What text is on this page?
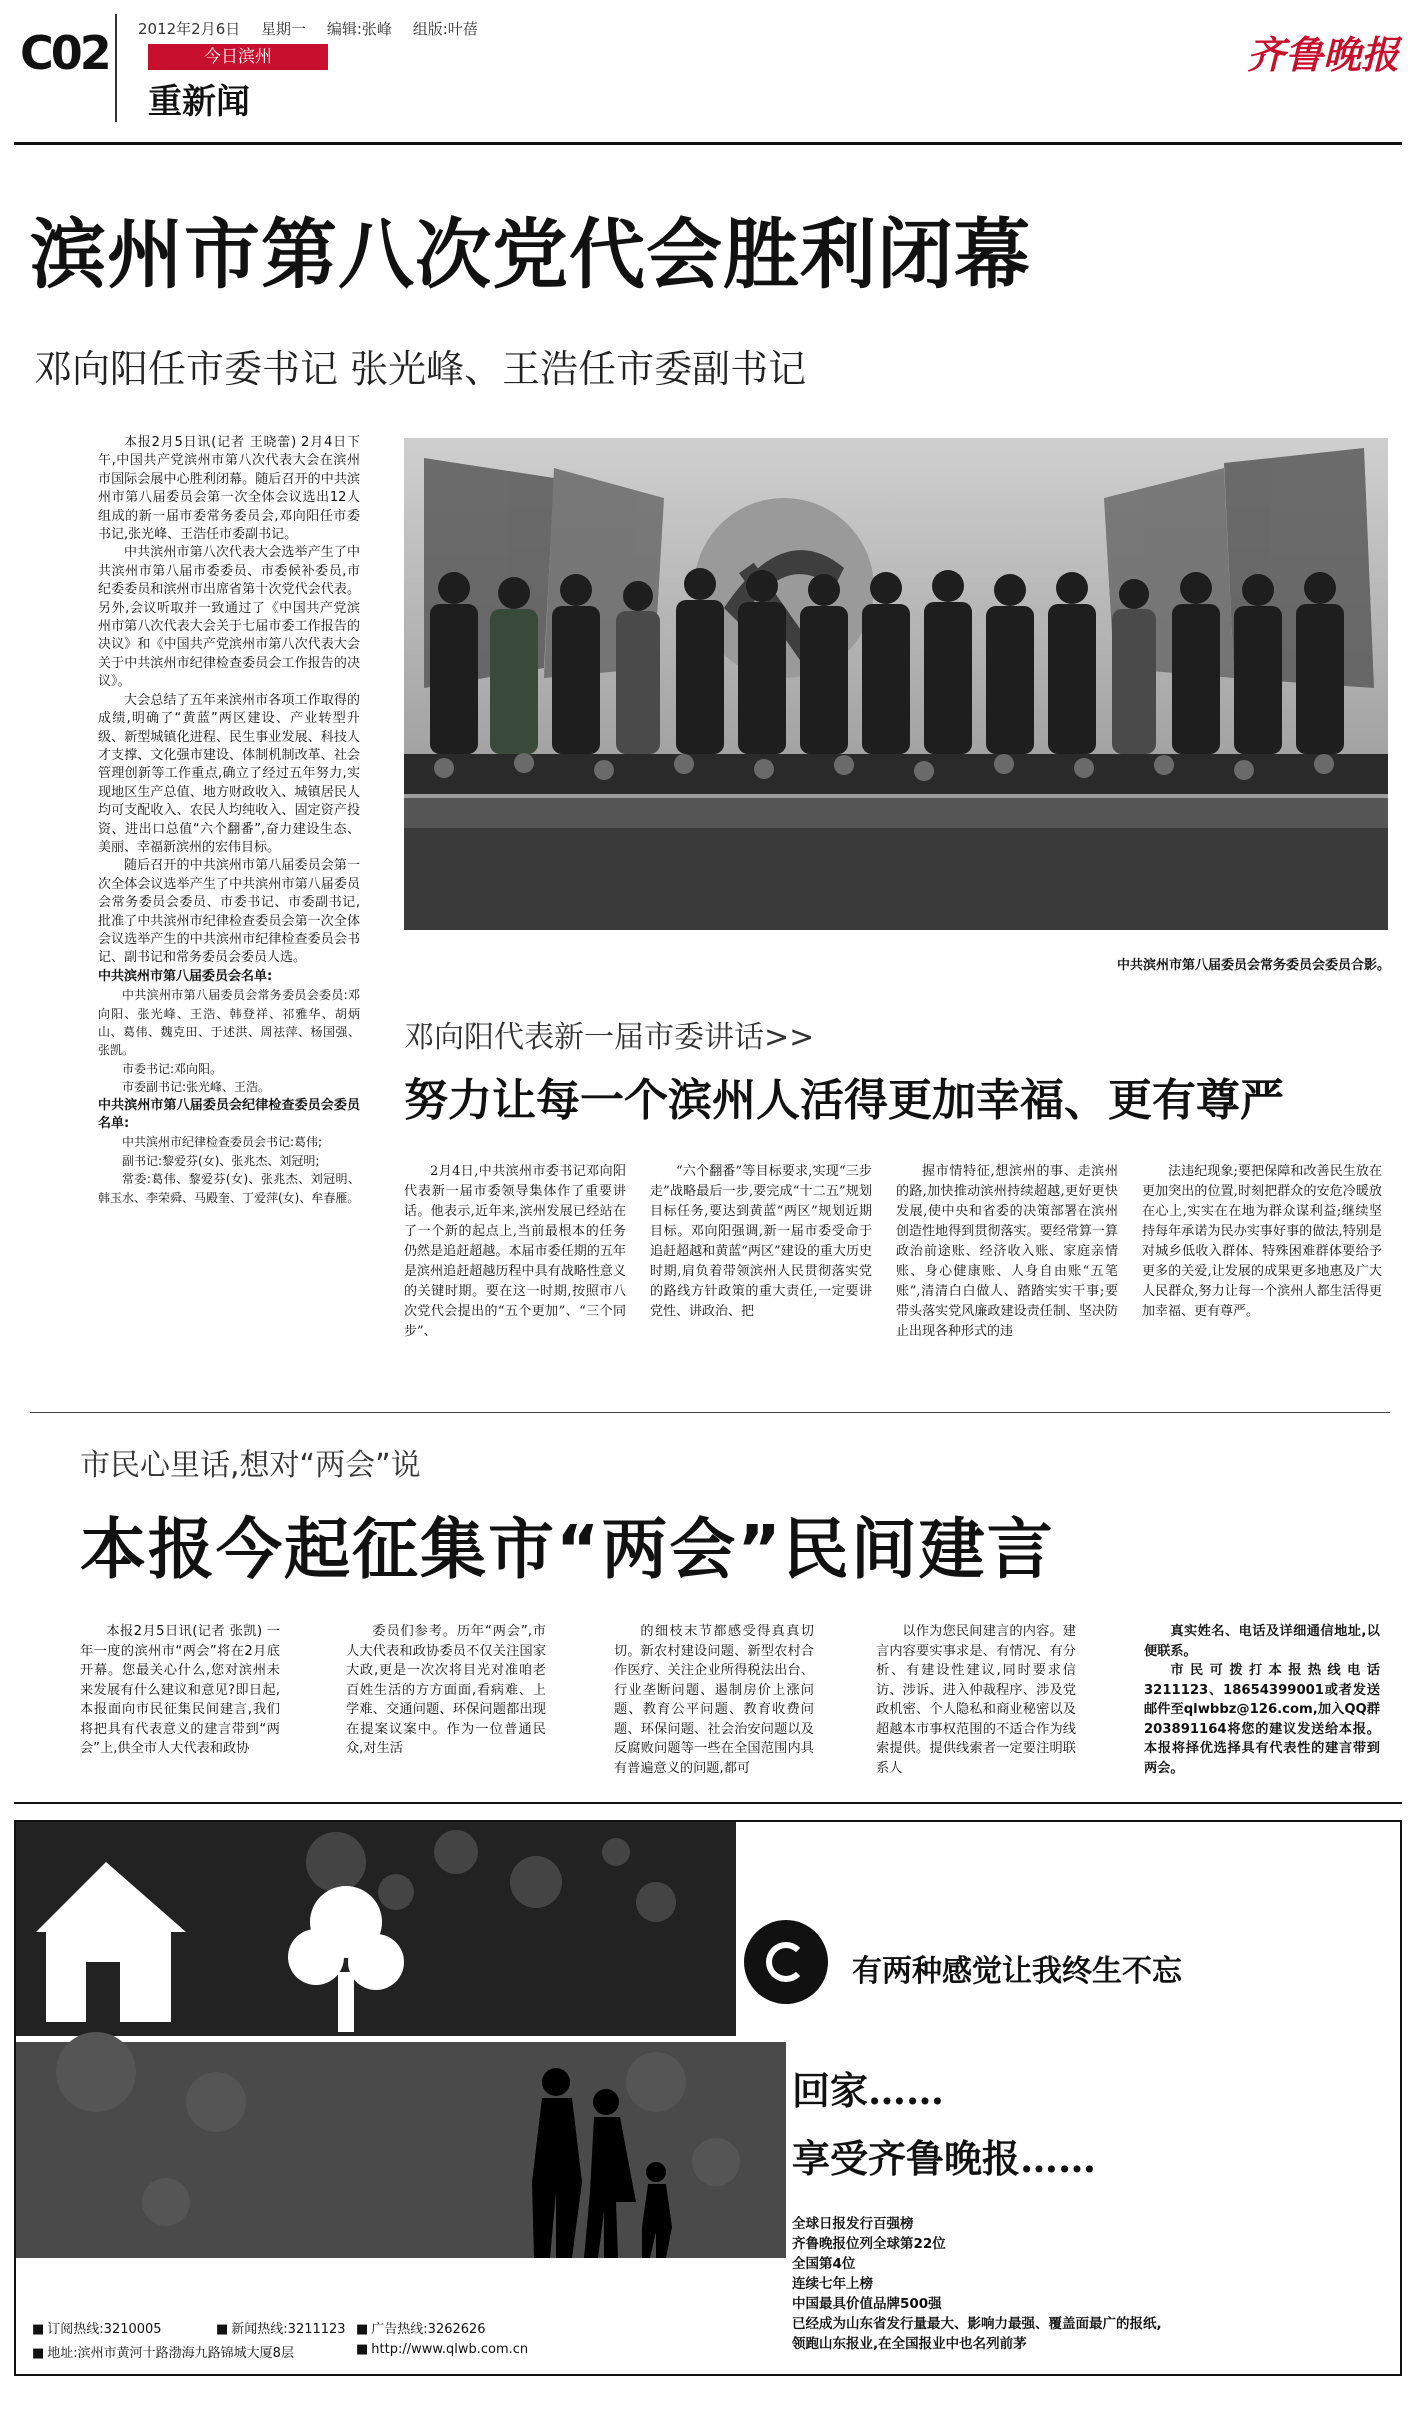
C02 2012年2月6日 星期一 编辑:张峰 组版:叶蓓
今日滨州
重新闻
齐鲁晚报
滨州市第八次党代会胜利闭幕
邓向阳任市委书记 张光峰、王浩任市委副书记

本报2月5日讯(记者 王晓蕾) 2月4日下午,中国共产党滨州市第八次代表大会在滨州市国际会展中心胜利闭幕。随后召开的中共滨州市第八届委员会第一次全体会议选出12人组成的新一届市委常务委员会,邓向阳任市委书记,张光峰、王浩任市委副书记。

中共滨州市第八次代表大会选举产生了中共滨州市第八届市委委员、市委候补委员,市纪委委员和滨州市出席省第十次党代会代表。另外,会议听取并一致通过了《中国共产党滨州市第八次代表大会关于七届市委工作报告的决议》和《中国共产党滨州市第八次代表大会关于中共滨州市纪律检查委员会工作报告的决议》。

大会总结了五年来滨州市各项工作取得的成绩,明确了“黄蓝”两区建设、产业转型升级、新型城镇化进程、民生事业发展、科技人才支撑、文化强市建设、体制机制改革、社会管理创新等工作重点,确立了经过五年努力,实现地区生产总值、地方财政收入、城镇居民人均可支配收入、农民人均纯收入、固定资产投资、进出口总值“六个翻番”,奋力建设生态、美丽、幸福新滨州的宏伟目标。

随后召开的中共滨州市第八届委员会第一次全体会议选举产生了中共滨州市第八届委员会常务委员会委员、市委书记、市委副书记,批准了中共滨州市纪律检查委员会第一次全体会议选举产生的中共滨州市纪律检查委员会书记、副书记和常务委员会委员人选。

中共滨州市第八届委员会名单:

中共滨州市第八届委员会常务委员会委员:邓向阳、张光峰、王浩、韩登祥、祁雅华、胡炳山、葛伟、魏克田、于述洪、周祛萍、杨国强、张凯。

市委书记:邓向阳。

市委副书记:张光峰、王浩。

中共滨州市第八届委员会纪律检查委员会委员名单:

中共滨州市纪律检查委员会书记:葛伟;

副书记:黎爱芬(女)、张兆杰、刘冠明;

常委:葛伟、黎爱芬(女)、张兆杰、刘冠明、韩玉水、李荣舜、马殿奎、丁爱萍(女)、牟春雁。

中共滨州市第八届委员会常务委员会委员合影。
邓向阳代表新一届市委讲话>>
努力让每一个滨州人活得更加幸福、更有尊严

2月4日,中共滨州市委书记邓向阳代表新一届市委领导集体作了重要讲话。他表示,近年来,滨州发展已经站在了一个新的起点上,当前最根本的任务仍然是追赶超越。本届市委任期的五年是滨州追赶超越历程中具有战略性意义的关键时期。要在这一时期,按照市八次党代会提出的“五个更加”、“三个同步”、

“六个翻番”等目标要求,实现“三步走”战略最后一步,要完成“十二五”规划目标任务,要达到黄蓝“两区”规划近期目标。邓向阳强调,新一届市委受命于追赶超越和黄蓝“两区”建设的重大历史时期,肩负着带领滨州人民贯彻落实党的路线方针政策的重大责任,一定要讲党性、讲政治、把

握市情特征,想滨州的事、走滨州的路,加快推动滨州持续超越,更好更快发展,使中央和省委的决策部署在滨州创造性地得到贯彻落实。要经常算一算政治前途账、经济收入账、家庭亲情账、身心健康账、人身自由账“五笔账”,清清白白做人、踏踏实实干事;要带头落实党风廉政建设责任制、坚决防止出现各种形式的违

法违纪现象;要把保障和改善民生放在更加突出的位置,时刻把群众的安危冷暖放在心上,实实在在地为群众谋利益;继续坚持每年承诺为民办实事好事的做法,特别是对城乡低收入群体、特殊困难群体要给予更多的关爱,让发展的成果更多地惠及广大人民群众,努力让每一个滨州人都生活得更加幸福、更有尊严。

市民心里话,想对“两会”说
本报今起征集市“两会”民间建言

本报2月5日讯(记者 张凯) 一年一度的滨州市“两会”将在2月底开幕。您最关心什么,您对滨州未来发展有什么建议和意见?即日起,本报面向市民征集民间建言,我们将把具有代表意义的建言带到“两会”上,供全市人大代表和政协

委员们参考。历年“两会”,市人大代表和政协委员不仅关注国家大政,更是一次次将目光对准咱老百姓生活的方方面面,看病难、上学难、交通问题、环保问题都出现在提案议案中。作为一位普通民众,对生活

的细枝末节都感受得真真切切。新农村建设问题、新型农村合作医疗、关注企业所得税法出台、行业垄断问题、遏制房价上涨问题、教育公平问题、教育收费问题、环保问题、社会治安问题以及反腐败问题等一些在全国范围内具有普遍意义的问题,都可

以作为您民间建言的内容。建言内容要实事求是、有情况、有分析、有建设性建议,同时要求信访、涉诉、进入仲裁程序、涉及党政机密、个人隐私和商业秘密以及超越本市事权范围的不适合作为线索提供。提供线索者一定要注明联系人

真实姓名、电话及详细通信地址,以便联系。

市民可拨打本报热线电话3211123、18654399001或者发送邮件至qlwbbz@126.com,加入QQ群203891164将您的建议发送给本报。本报将择优选择具有代表性的建言带到两会。

有两种感觉让我终生不忘
身边的事告诉我们,一旦采用,最低50元,另有电影票等奖品
回家……
享受齐鲁晚报……
全球日报发行百强榜
齐鲁晚报位列全球第22位
全国第4位
连续七年上榜
中国最具价值品牌500强
已经成为山东省发行量最大、影响力最强、覆盖面最广的报纸,
领跑山东报业,在全国报业中也名列前茅
■ 订阅热线:3210005	■ 新闻热线:3211123	■ 广告热线:3262626
■ 地址:滨州市黄河十路渤海九路锦城大厦8层	■ http://www.qlwb.com.cn
